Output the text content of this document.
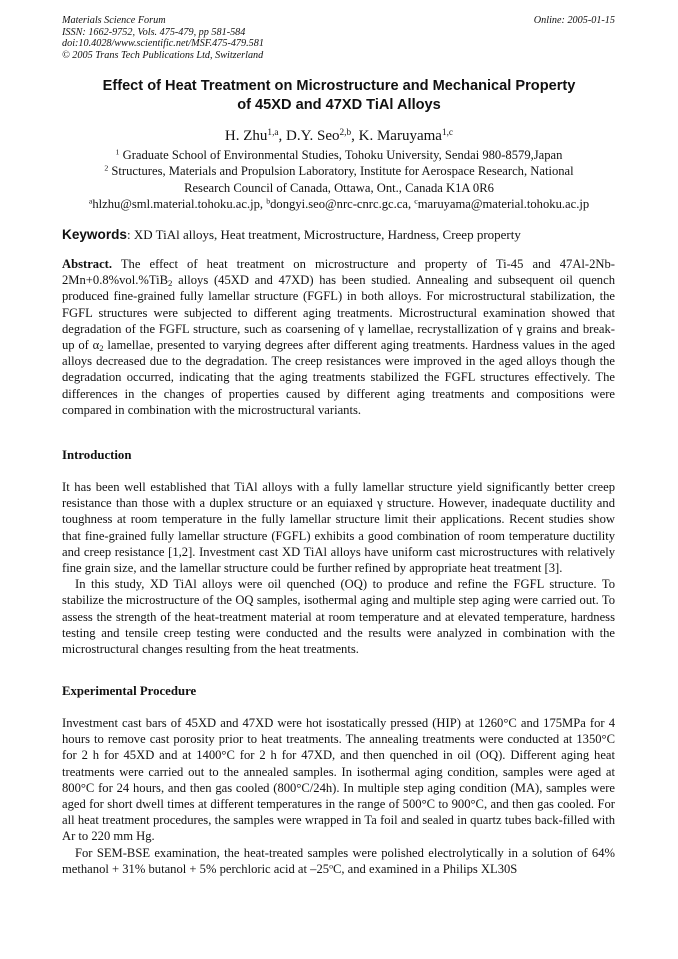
Materials Science Forum
ISSN: 1662-9752, Vols. 475-479, pp 581-584
doi:10.4028/www.scientific.net/MSF.475-479.581
© 2005 Trans Tech Publications Ltd, Switzerland
Online: 2005-01-15
Effect of Heat Treatment on Microstructure and Mechanical Property
of 45XD and 47XD TiAl Alloys
H. Zhu$^{1,a}$, D.Y. Seo$^{2,b}$, K. Maruyama$^{1,c}$
$^1$ Graduate School of Environmental Studies, Tohoku University, Sendai 980-8579,Japan
$^2$ Structures, Materials and Propulsion Laboratory, Institute for Aerospace Research, National
Research Council of Canada, Ottawa, Ont., Canada K1A 0R6
$^a$hlzhu@sml.material.tohoku.ac.jp, $^b$dongyi.seo@nrc-cnrc.gc.ca, $^c$maruyama@material.tohoku.ac.jp
Keywords: XD TiAl alloys, Heat treatment, Microstructure, Hardness, Creep property

Abstract. The effect of heat treatment on microstructure and property of Ti-45 and 47Al-2Nb-2Mn+0.8%vol.%TiB$_2$ alloys (45XD and 47XD) has been studied. Annealing and subsequent oil quench produced fine-grained fully lamellar structure (FGFL) in both alloys. For microstructural stabilization, the FGFL structures were subjected to different aging treatments. Microstructural examination showed that degradation of the FGFL structure, such as coarsening of γ lamellae, recrystallization of γ grains and break-up of $\alpha_2$ lamellae, presented to varying degrees after different aging treatments. Hardness values in the aged alloys decreased due to the degradation. The creep resistances were improved in the aged alloys though the degradation occurred, indicating that the aging treatments stabilized the FGFL structures effectively. The differences in the changes of properties caused by different aging treatments and compositions were compared in combination with the microstructural variants.

Introduction

It has been well established that TiAl alloys with a fully lamellar structure yield significantly better creep resistance than those with a duplex structure or an equiaxed γ structure. However, inadequate ductility and toughness at room temperature in the fully lamellar structure limit their applications. Recent studies show that fine-grained fully lamellar structure (FGFL) exhibits a good combination of room temperature ductility and creep resistance [1,2]. Investment cast XD TiAl alloys have uniform cast microstructures with relatively fine grain size, and the lamellar structure could be further refined by appropriate heat treatment [3].

In this study, XD TiAl alloys were oil quenched (OQ) to produce and refine the FGFL structure. To stabilize the microstructure of the OQ samples, isothermal aging and multiple step aging were carried out. To assess the strength of the heat-treatment material at room temperature and at elevated temperature, hardness testing and tensile creep testing were conducted and the results were analyzed in combination with the microstructural changes resulting from the heat treatments.

Experimental Procedure

Investment cast bars of 45XD and 47XD were hot isostatically pressed (HIP) at 1260°C and 175MPa for 4 hours to remove cast porosity prior to heat treatments. The annealing treatments were conducted at 1350°C for 2 h for 45XD and at 1400°C for 2 h for 47XD, and then quenched in oil (OQ). Different aging heat treatments were carried out to the annealed samples. In isothermal aging condition, samples were aged at 800°C for 24 hours, and then gas cooled (800°C/24h). In multiple step aging condition (MA), samples were aged for short dwell times at different temperatures in the range of 500°C to 900°C, and then gas cooled. For all heat treatment procedures, the samples were wrapped in Ta foil and sealed in quartz tubes back-filled with Ar to 220 mm Hg.

For SEM-BSE examination, the heat-treated samples were polished electrolytically in a solution of 64% methanol + 31% butanol + 5% perchloric acid at –25$^o$C, and examined in a Philips XL30S
